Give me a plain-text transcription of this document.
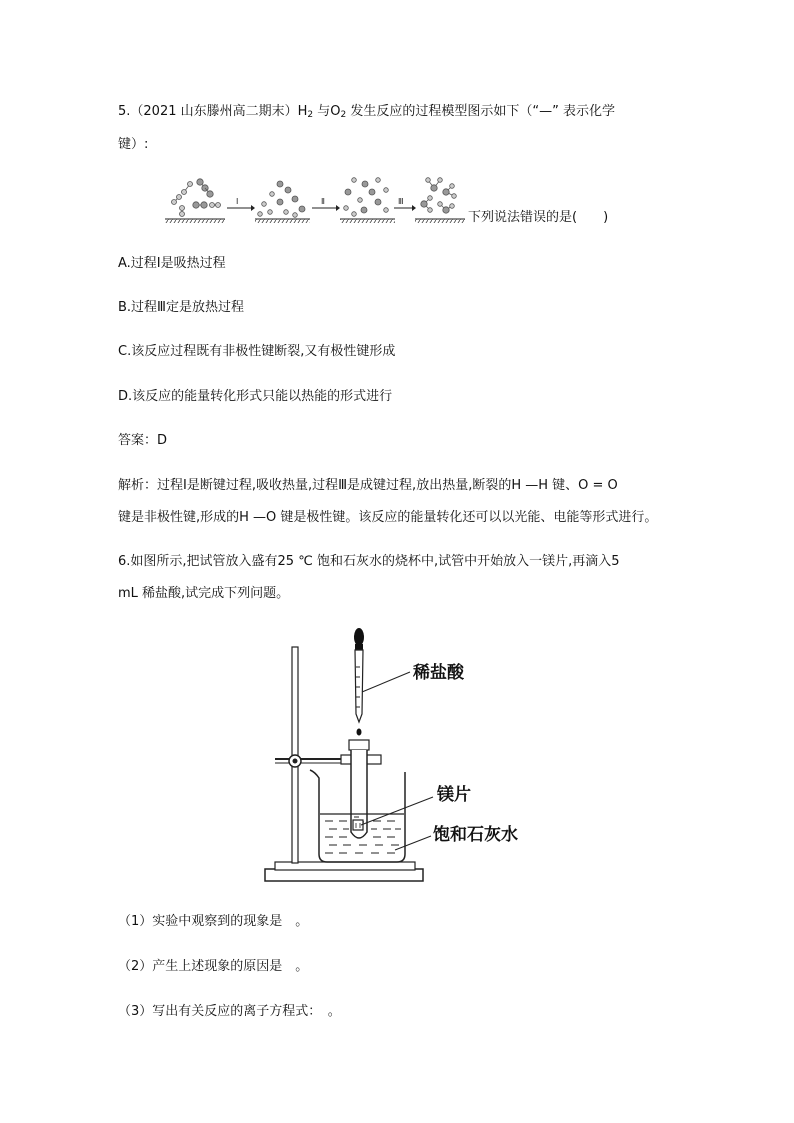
5.（2021 山东滕州高二期末）$H_2$ 与$O_2$ 发生反应的过程模型图示如下（“—” 表示化学
键）:
Ⅰ	Ⅱ	Ⅲ
下列说法错误的是(　　)
A.过程Ⅰ是吸热过程
B.过程Ⅲ定是放热过程
C.该反应过程既有非极性键断裂,又有极性键形成
D.该反应的能量转化形式只能以热能的形式进行
答案：D
解析：过程Ⅰ是断键过程,吸收热量,过程Ⅲ是成键过程,放出热量,断裂的H —H 键、O = O
键是非极性键,形成的H —O 键是极性键。该反应的能量转化还可以以光能、电能等形式进行。
6.如图所示,把试管放入盛有25 ℃ 饱和石灰水的烧杯中,试管中开始放入一镁片,再滴入5
mL 稀盐酸,试完成下列问题。
稀盐酸
镁片
饱和石灰水
（1）实验中观察到的现象是　。
（2）产生上述现象的原因是　。
（3）写出有关反应的离子方程式：　。
